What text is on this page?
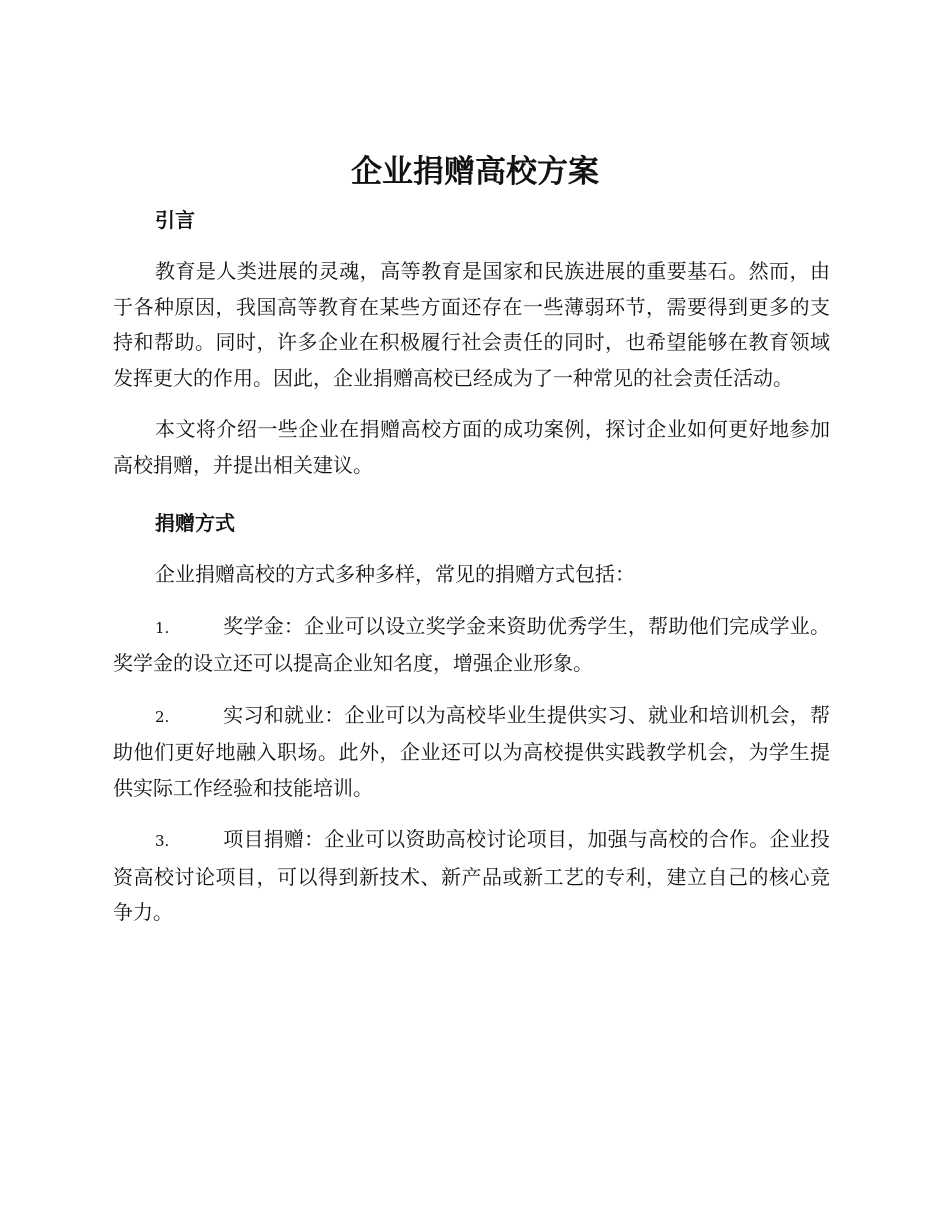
企业捐赠高校方案
引言

教育是人类进展的灵魂，高等教育是国家和民族进展的重要基石。然而，由于各种原因，我国高等教育在某些方面还存在一些薄弱环节，需要得到更多的支持和帮助。同时，许多企业在积极履行社会责任的同时，也希望能够在教育领域发挥更大的作用。因此，企业捐赠高校已经成为了一种常见的社会责任活动。

本文将介绍一些企业在捐赠高校方面的成功案例，探讨企业如何更好地参加高校捐赠，并提出相关建议。

捐赠方式

企业捐赠高校的方式多种多样，常见的捐赠方式包括：

1.	奖学金：企业可以设立奖学金来资助优秀学生，帮助他们完成学业。奖学金的设立还可以提高企业知名度，增强企业形象。

2.	实习和就业：企业可以为高校毕业生提供实习、就业和培训机会，帮助他们更好地融入职场。此外，企业还可以为高校提供实践教学机会，为学生提供实际工作经验和技能培训。

3.	项目捐赠：企业可以资助高校讨论项目，加强与高校的合作。企业投资高校讨论项目，可以得到新技术、新产品或新工艺的专利，建立自己的核心竞争力。
